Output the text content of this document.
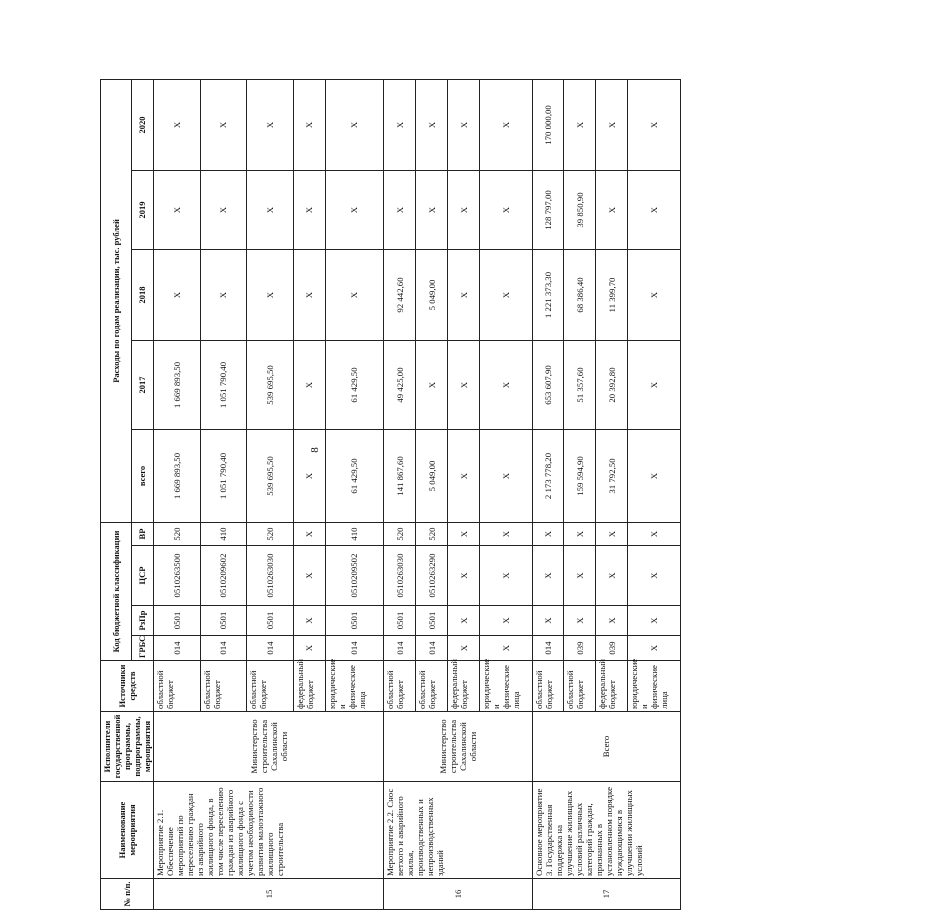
8
№ п/п.	Наименование мероприятия	Исполнители государственной программы, подпрограммы, мероприятия	Источники средств	Код бюджетной классификации				Расходы по годам реализации, тыс. рублей				
				ГРБС	РзПр	ЦСР	ВР	всего	2017	2018	2019	2020
15	Мероприятие 2.1. Обеспечение мероприятий по переселению граждан из аварийного жилищного фонда, в том числе переселению граждан из аварийного жилищного фонда с учетом необходимости развития малоэтажного жилищного строительства	Министерство строительства Сахалинской области	областной бюджет	014	0501	0510263500	520	1 669 893,50	1 669 893,50	X	X	X
			областной бюджет	014	0501	0510209602	410	1 051 790,40	1 051 790,40	X	X	X
			областной бюджет	014	0501	0510263030	520	539 695,50	539 695,50	X	X	X
			федеральный бюджет	X	X	X	X	X	X	X	X	X
			юридические и физические лица	014	0501	0510209502	410	61 429,50	61 429,50	X	X	X
16	Мероприятие 2.2. Снос ветхого и аварийного жилья, производственных и непроизводственных зданий	Министерство строительства Сахалинской области	областной бюджет	014	0501	0510263030	520	141 867,60	49 425,00	92 442,60	X	X
			областной бюджет	014	0501	0510263290	520	5 049,00	X	5 049,00	X	X
			федеральный бюджет	X	X	X	X	X	X	X	X	X
			юридические и физические лица	X	X	X	X	X	X	X	X	X
17	Основное мероприятие 3. Государственная поддержка на улучшение жилищных условий различных категорий граждан, признанных в установленном порядке нуждающимися в улучшении жилищных условий	Всего	областной бюджет	014	X	X	X	2 173 778,20	653 607,90	1 221 373,30	128 797,00	170 000,00
			областной бюджет	039	X	X	X	159 594,90	51 357,60	68 386,40	39 850,90	X
			федеральный бюджет	039	X	X	X	31 792,50	20 392,80	11 399,70	X	X
			юридические и физические лица	X	X	X	X	X	X	X	X	X
